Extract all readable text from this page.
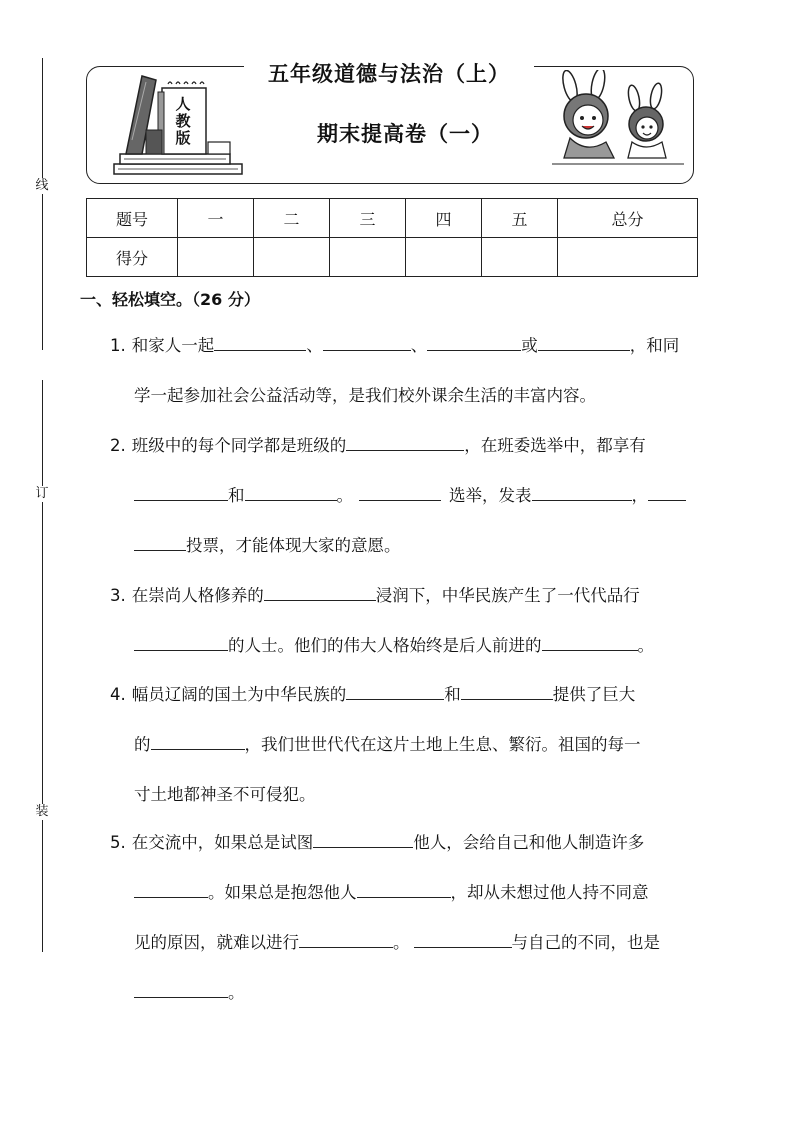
线
订
装
人教版
五年级道德与法治（上）
期末提高卷（一）
题号	一	二	三	四	五	总分
得分						
一、轻松填空。（26 分）
1. 和家人一起	、	、	或	，和同
学一起参加社会公益活动等，是我们校外课余生活的丰富内容。
2. 班级中的每个同学都是班级的	，在班委选举中，都享有
和	。	选举，发表	，
投票，才能体现大家的意愿。
3. 在崇尚人格修养的	浸润下，中华民族产生了一代代品行
的人士。他们的伟大人格始终是后人前进的	。
4. 幅员辽阔的国土为中华民族的	和	提供了巨大
的	，我们世世代代在这片土地上生息、繁衍。祖国的每一
寸土地都神圣不可侵犯。
5. 在交流中，如果总是试图	他人，会给自己和他人制造许多
。如果总是抱怨他人	，却从未想过他人持不同意
见的原因，就难以进行	。	与自己的不同，也是
。
